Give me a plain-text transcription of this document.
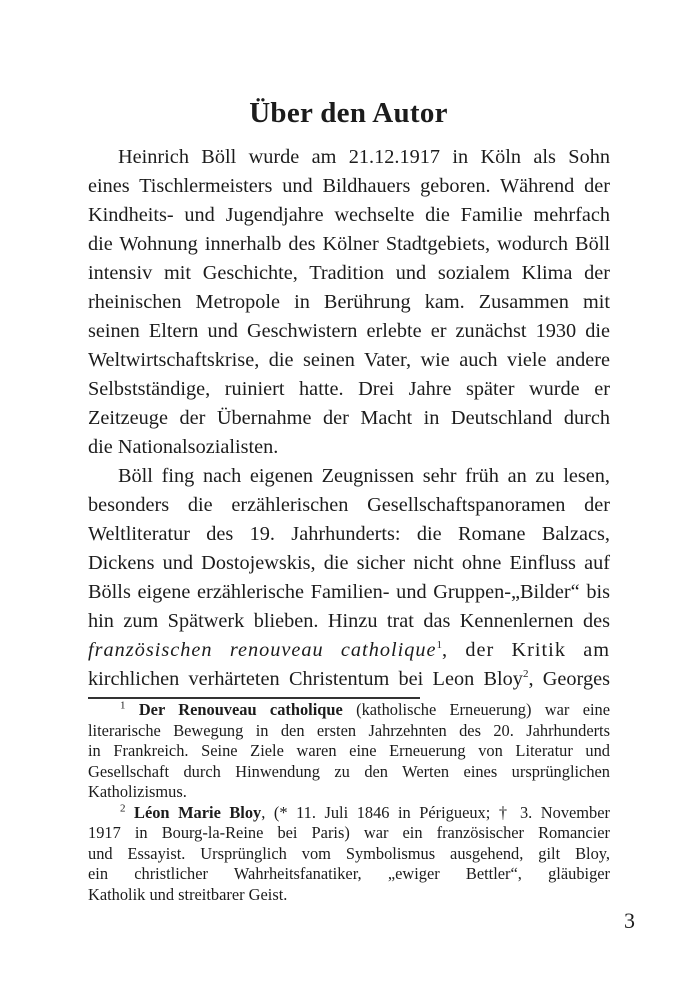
Über den Autor
Heinrich Böll wurde am 21.12.1917 in Köln als Sohn
eines Tischlermeisters und Bildhauers geboren. Während der
Kindheits- und Jugendjahre wechselte die Familie mehrfach
die Wohnung innerhalb des Kölner Stadtgebiets, wodurch Böll
intensiv mit Geschichte, Tradition und sozialem Klima der
rheinischen Metropole in Berührung kam. Zusammen mit
seinen Eltern und Geschwistern erlebte er zunächst 1930 die
Weltwirtschaftskrise, die seinen Vater, wie auch viele andere
Selbstständige, ruiniert hatte. Drei Jahre später wurde er
Zeitzeuge der Übernahme der Macht in Deutschland durch
die Nationalsozialisten.
Böll fing nach eigenen Zeugnissen sehr früh an zu lesen,
besonders die erzählerischen Gesellschaftspanoramen der
Weltliteratur des 19. Jahrhunderts: die Romane Balzacs,
Dickens und Dostojewskis, die sicher nicht ohne Einfluss auf
Bölls eigene erzählerische Familien- und Gruppen-„Bilder“ bis
hin zum Spätwerk blieben. Hinzu trat das Kennenlernen des
französischen renouveau catholique$^1$, der Kritik am
kirchlichen verhärteten Christentum bei Leon Bloy$^2$, Georges
$^1$ Der Renouveau catholique (katholische Erneuerung) war eine
literarische Bewegung in den ersten Jahrzehnten des 20. Jahrhunderts
in Frankreich. Seine Ziele waren eine Erneuerung von Literatur und
Gesellschaft durch Hinwendung zu den Werten eines ursprünglichen
Katholizismus.
$^2$ Léon Marie Bloy, (* 11. Juli 1846 in Périgueux; † 3. November
1917 in Bourg-la-Reine bei Paris) war ein französischer Romancier
und Essayist. Ursprünglich vom Symbolismus ausgehend, gilt Bloy,
ein christlicher Wahrheitsfanatiker, „ewiger Bettler“, gläubiger
Katholik und streitbarer Geist.
3
